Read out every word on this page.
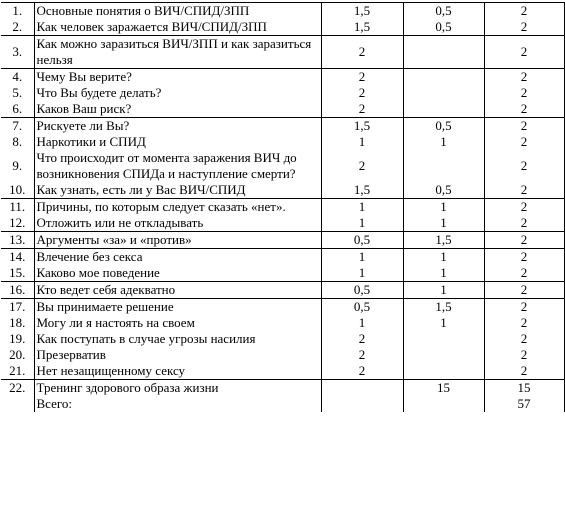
1.	Основные понятия о ВИЧ/СПИД/ЗПП	1,5	0,5	2
2.	Как человек заражается ВИЧ/СПИД/ЗПП	1,5	0,5	2
3.	Как можно заразиться ВИЧ/ЗПП и как заразиться нельзя	2		2
4.	Чему Вы верите?	2		2
5.	Что Вы будете делать?	2		2
6.	Каков Ваш риск?	2		2
7.	Рискуете ли Вы?	1,5	0,5	2
8.	Наркотики и СПИД	1	1	2
9.	Что происходит от момента заражения ВИЧ до возникновения СПИДа и наступление смерти?	2		2
10.	Как узнать, есть ли у Вас ВИЧ/СПИД	1,5	0,5	2
11.	Причины, по которым следует сказать «нет».	1	1	2
12.	Отложить или не откладывать	1	1	2
13.	Аргументы «за» и «против»	0,5	1,5	2
14.	Влечение без секса	1	1	2
15.	Каково мое поведение	1	1	2
16.	Кто ведет себя адекватно	0,5	1	2
17.	Вы принимаете решение	0,5	1,5	2
18.	Могу ли я настоять на своем	1	1	2
19.	Как поступать в случае угрозы насилия	2		2
20.	Презерватив	2		2
21.	Нет незащищенному сексу	2		2
22.	Тренинг здорового образа жизни		15	15
	Всего:			57
